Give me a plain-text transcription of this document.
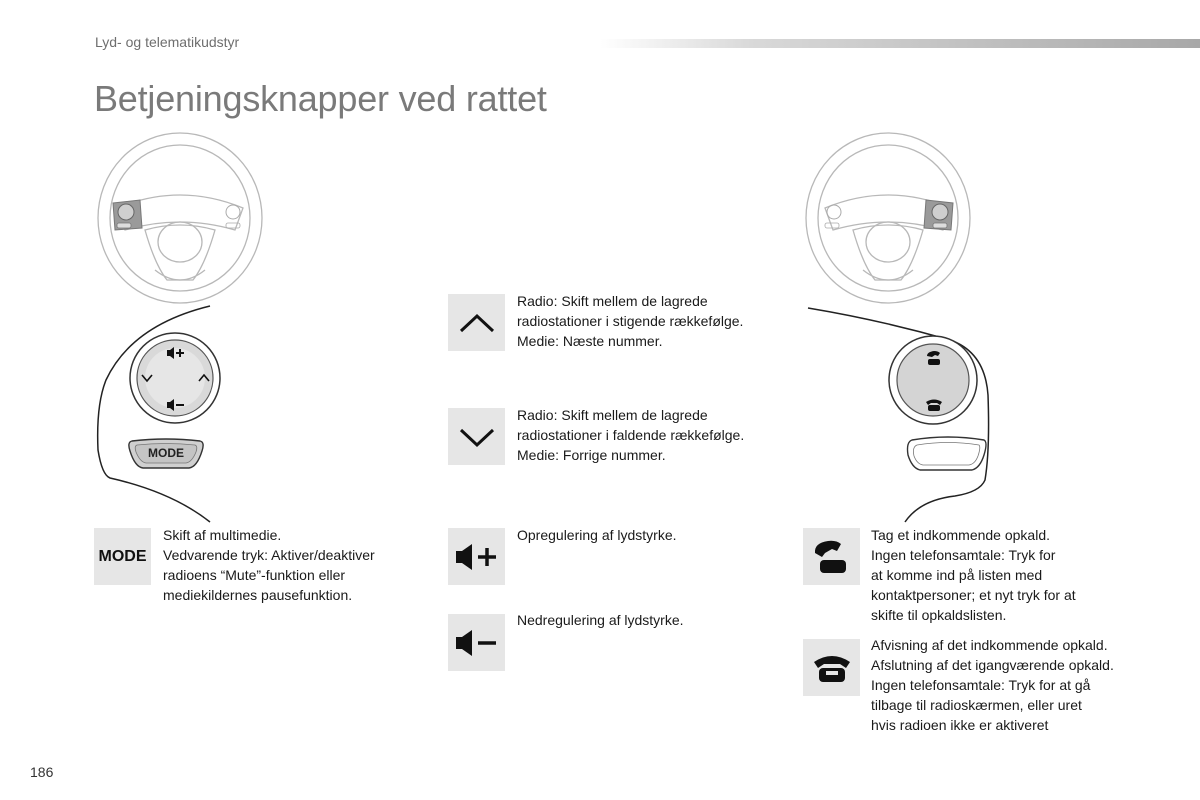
Lyd- og telematikudstyr
Betjeningsknapper ved rattet
MODE
Radio: Skift mellem de lagrede
radiostationer i stigende rækkefølge.
Medie: Næste nummer.
Radio: Skift mellem de lagrede
radiostationer i faldende rækkefølge.
Medie: Forrige nummer.
MODE
Skift af multimedie.
Vedvarende tryk: Aktiver/deaktiver
radioens “Mute”-funktion eller
mediekildernes pausefunktion.
Opregulering af lydstyrke.
Nedregulering af lydstyrke.
Tag et indkommende opkald.
Ingen telefonsamtale: Tryk for
at komme ind på listen med
kontaktpersoner; et nyt tryk for at
skifte til opkaldslisten.
Afvisning af det indkommende opkald.
Afslutning af det igangværende opkald.
Ingen telefonsamtale: Tryk for at gå
tilbage til radioskærmen, eller uret
hvis radioen ikke er aktiveret
186
